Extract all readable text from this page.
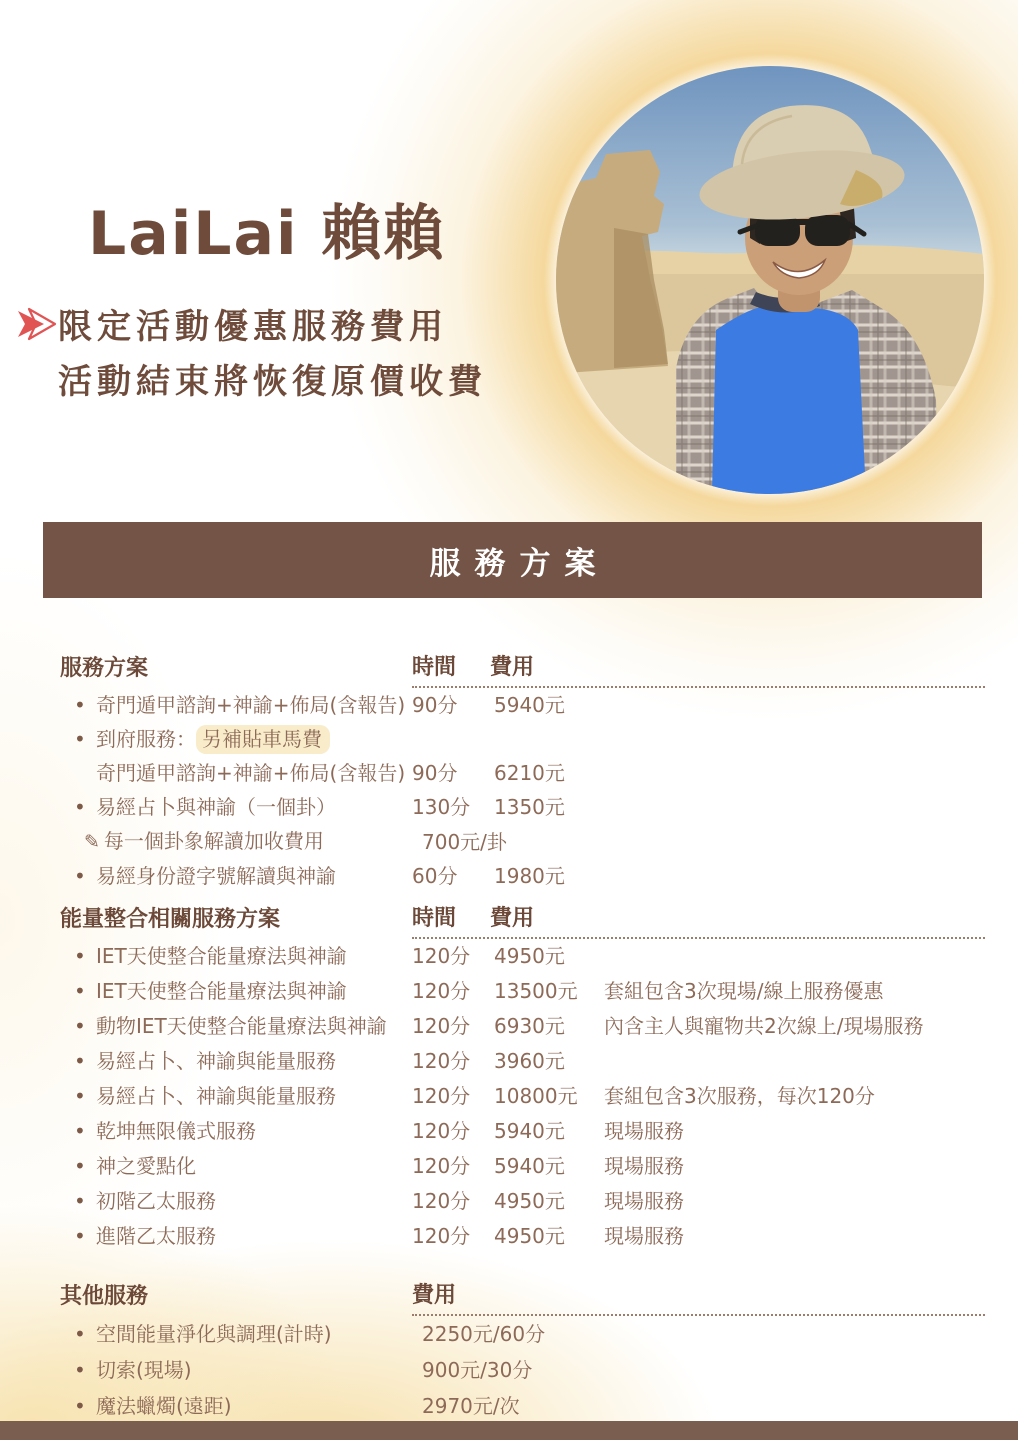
LaiLai 賴賴
限定活動優惠服務費用
活動結束將恢復原價收費
服務方案
服務方案	時間	費用
• 奇門遁甲諮詢+神諭+佈局(含報告) 90分	5940元
• 到府服務： 另補貼車馬費
奇門遁甲諮詢+神諭+佈局(含報告) 90分	6210元
• 易經占卜與神諭（一個卦）	130分	1350元
✎ 每一個卦象解讀加收費用	700元/卦
• 易經身份證字號解讀與神諭	60分	1980元
能量整合相關服務方案	時間	費用
• IET天使整合能量療法與神諭	120分	4950元
• IET天使整合能量療法與神諭	120分	13500元	套組包含3次現場/線上服務優惠
• 動物IET天使整合能量療法與神諭	120分	6930元	內含主人與寵物共2次線上/現場服務
• 易經占卜、神諭與能量服務	120分	3960元
• 易經占卜、神諭與能量服務	120分	10800元	套組包含3次服務，每次120分
• 乾坤無限儀式服務	120分	5940元	現場服務
• 神之愛點化	120分	5940元	現場服務
• 初階乙太服務	120分	4950元	現場服務
• 進階乙太服務	120分	4950元	現場服務
其他服務	費用
• 空間能量淨化與調理(計時)	2250元/60分
• 切索(現場)	900元/30分
• 魔法蠟燭(遠距)	2970元/次
